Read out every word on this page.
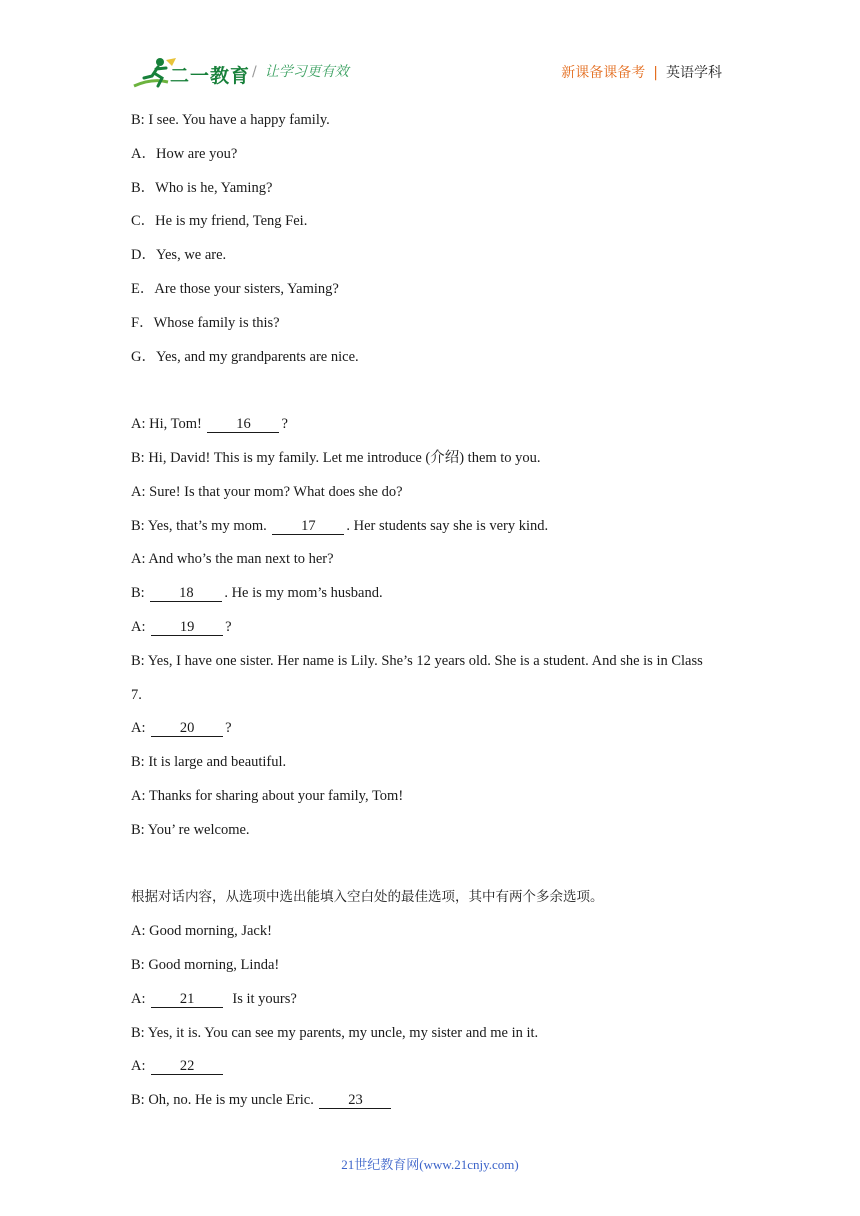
二一教育 / 让学习更有效	新课备课备考 | 英语学科
B: I see. You have a happy family.
A．How are you?
B．Who is he, Yaming?
C．He is my friend, Teng Fei.
D．Yes, we are.
E．Are those your sisters, Yaming?
F．Whose family is this?
G．Yes, and my grandparents are nice.
A: Hi, Tom! 16 ?
B: Hi, David! This is my family. Let me introduce (介绍) them to you.
A: Sure! Is that your mom? What does she do?
B: Yes, that’s my mom. 17 . Her students say she is very kind.
A: And who’s the man next to her?
B: 18 . He is my mom’s husband.
A: 19 ?
B: Yes, I have one sister. Her name is Lily. She’s 12 years old. She is a student. And she is in Class
7.
A: 20 ?
B: It is large and beautiful.
A: Thanks for sharing about your family, Tom!
B: You’ re welcome.
根据对话内容，从选项中选出能填入空白处的最佳选项，其中有两个多余选项。
A: Good morning, Jack!
B: Good morning, Linda!
A: 21  Is it yours?
B: Yes, it is. You can see my parents, my uncle, my sister and me in it.
A: 22
B: Oh, no. He is my uncle Eric. 23
21世纪教育网(www.21cnjy.com)
